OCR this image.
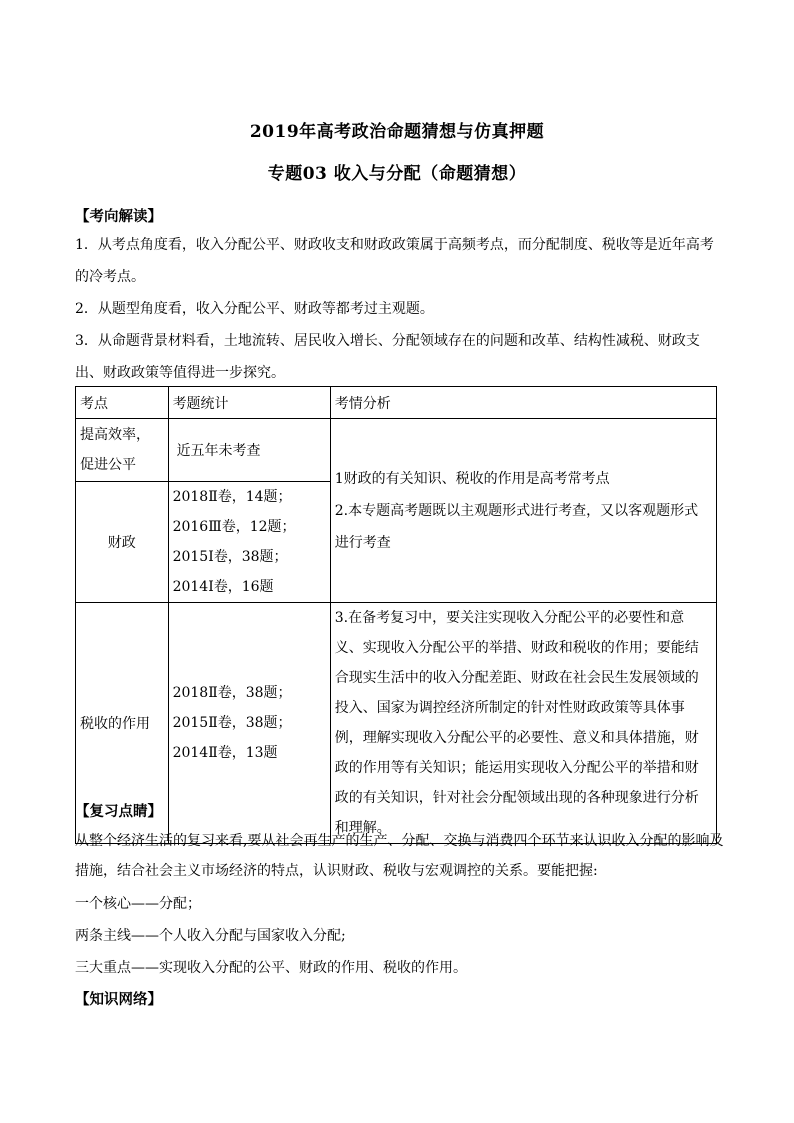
2019年高考政治命题猜想与仿真押题
专题03 收入与分配（命题猜想）
【考向解读】
1．从考点角度看，收入分配公平、财政收支和财政政策属于高频考点，而分配制度、税收等是近年高考的冷考点。
2．从题型角度看，收入分配公平、财政等都考过主观题。
3．从命题背景材料看，土地流转、居民收入增长、分配领域存在的问题和改革、结构性减税、财政支出、财政政策等值得进一步探究。
考点	考题统计	考情分析

提高效率，促进公平	近五年未考查	1财政的有关知识、税收的作用是高考常考点
2.本专题高考题既以主观题形式进行考查，又以客观题形式进行考查

财政	2018Ⅱ卷，14题；2016Ⅲ卷，12题；2015Ⅰ卷，38题；2014Ⅰ卷，16题	

税收的作用	2018Ⅱ卷，38题；2015Ⅱ卷，38题；2014Ⅱ卷，13题	3.在备考复习中，要关注实现收入分配公平的必要性和意义、实现收入分配公平的举措、财政和税收的作用；要能结合现实生活中的收入分配差距、财政在社会民生发展领域的投入、国家为调控经济所制定的针对性财政政策等具体事例，理解实现收入分配公平的必要性、意义和具体措施，财政的作用等有关知识；能运用实现收入分配公平的举措和财政的有关知识，针对社会分配领域出现的各种现象进行分析和理解。
【复习点睛】
从整个经济生活的复习来看,要从社会再生产的生产、分配、交换与消费四个环节来认识收入分配的影响及措施，结合社会主义市场经济的特点，认识财政、税收与宏观调控的关系。要能把握:
一个核心——分配；
两条主线——个人收入分配与国家收入分配;
三大重点——实现收入分配的公平、财政的作用、税收的作用。
【知识网络】
